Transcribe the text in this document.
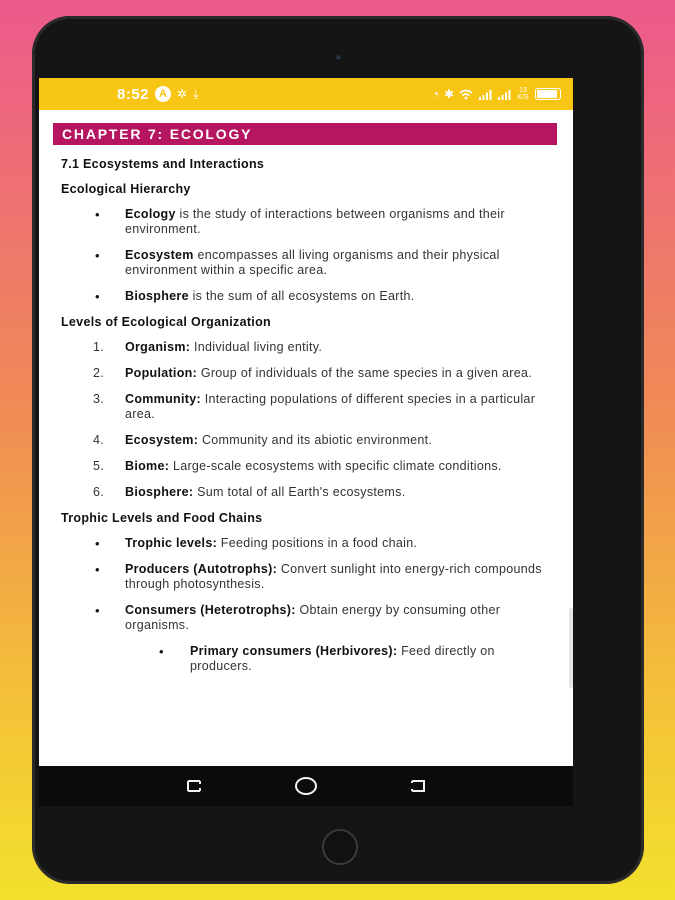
8:52 A ✲ ⤓	◔ ✱	13 K/S
CHAPTER 7: ECOLOGY
7.1 Ecosystems and Interactions
Ecological Hierarchy
• Ecology is the study of interactions between organisms and their environment.
• Ecosystem encompasses all living organisms and their physical environment within a specific area.
• Biosphere is the sum of all ecosystems on Earth.
Levels of Ecological Organization
1. Organism: Individual living entity.
2. Population: Group of individuals of the same species in a given area.
3. Community: Interacting populations of different species in a particular area.
4. Ecosystem: Community and its abiotic environment.
5. Biome: Large-scale ecosystems with specific climate conditions.
6. Biosphere: Sum total of all Earth's ecosystems.
Trophic Levels and Food Chains
• Trophic levels: Feeding positions in a food chain.
• Producers (Autotrophs): Convert sunlight into energy-rich compounds through photosynthesis.
• Consumers (Heterotrophs): Obtain energy by consuming other organisms.
• Primary consumers (Herbivores): Feed directly on producers.
